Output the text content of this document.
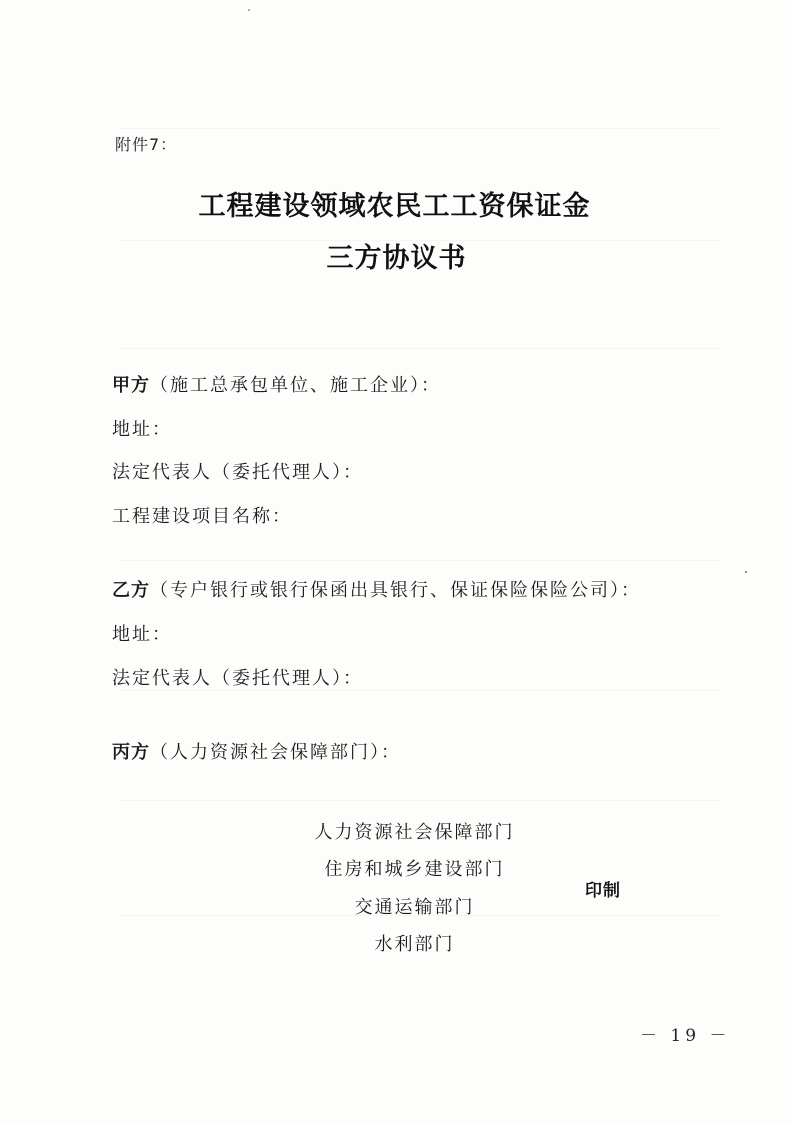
附件7：
工程建设领域农民工工资保证金
三方协议书
甲方（施工总承包单位、施工企业）：
地址：
法定代表人（委托代理人）：
工程建设项目名称：
乙方（专户银行或银行保函出具银行、保证保险保险公司）：
地址：
法定代表人（委托代理人）：
丙方（人力资源社会保障部门）：
人力资源社会保障部门
住房和城乡建设部门
交通运输部门
水利部门
印制
－ 19 －
